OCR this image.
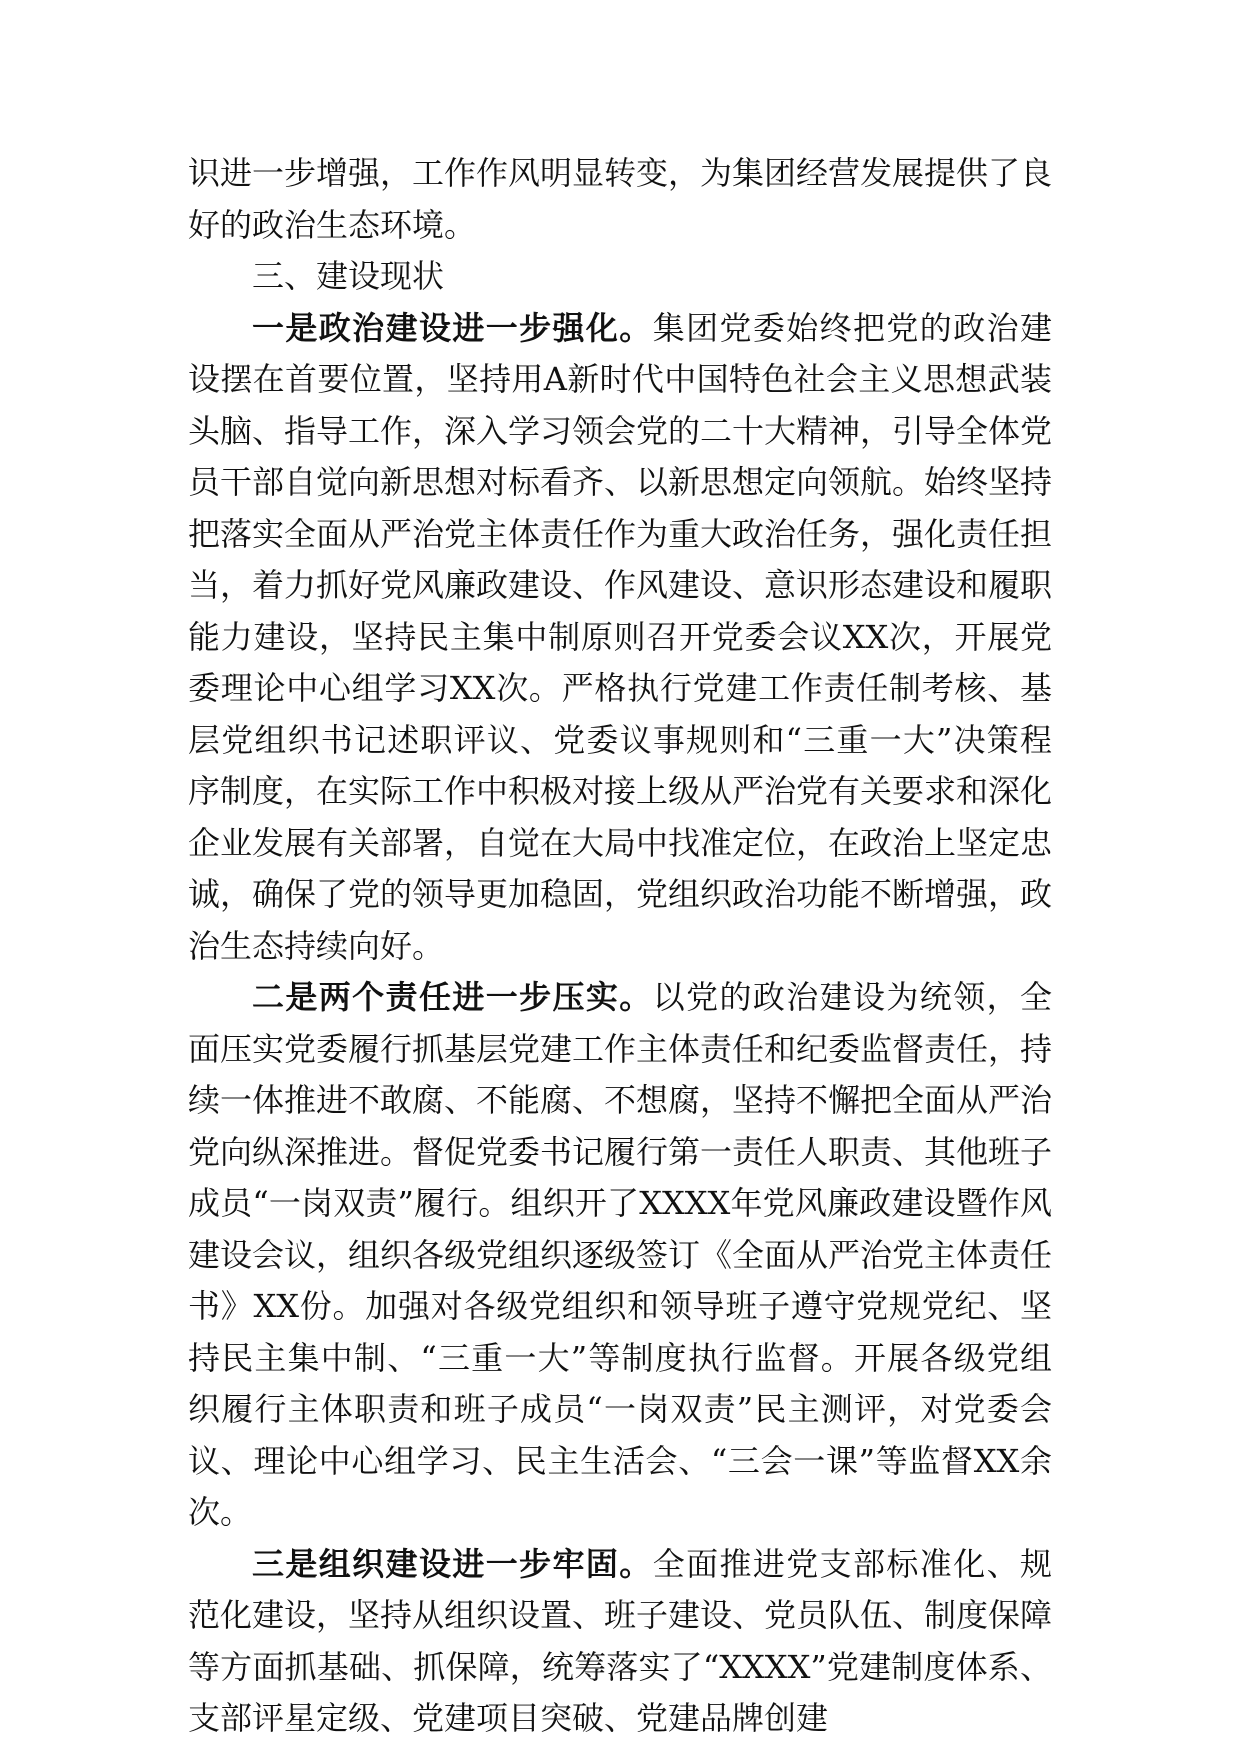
识进一步增强，工作作风明显转变，为集团经营发展提供了良好的政治生态环境。

三、建设现状

一是政治建设进一步强化。集团党委始终把党的政治建设摆在首要位置，坚持用A新时代中国特色社会主义思想武装头脑、指导工作，深入学习领会党的二十大精神，引导全体党员干部自觉向新思想对标看齐、以新思想定向领航。始终坚持把落实全面从严治党主体责任作为重大政治任务，强化责任担当，着力抓好党风廉政建设、作风建设、意识形态建设和履职能力建设，坚持民主集中制原则召开党委会议XX次，开展党委理论中心组学习XX次。严格执行党建工作责任制考核、基层党组织书记述职评议、党委议事规则和“三重一大”决策程序制度，在实际工作中积极对接上级从严治党有关要求和深化企业发展有关部署，自觉在大局中找准定位，在政治上坚定忠诚，确保了党的领导更加稳固，党组织政治功能不断增强，政治生态持续向好。

二是两个责任进一步压实。以党的政治建设为统领，全面压实党委履行抓基层党建工作主体责任和纪委监督责任，持续一体推进不敢腐、不能腐、不想腐，坚持不懈把全面从严治党向纵深推进。督促党委书记履行第一责任人职责、其他班子成员“一岗双责”履行。组织开了XXXX年党风廉政建设暨作风建设会议，组织各级党组织逐级签订《全面从严治党主体责任书》XX份。加强对各级党组织和领导班子遵守党规党纪、坚持民主集中制、“三重一大”等制度执行监督。开展各级党组织履行主体职责和班子成员“一岗双责”民主测评，对党委会议、理论中心组学习、民主生活会、“三会一课”等监督XX余次。

三是组织建设进一步牢固。全面推进党支部标准化、规范化建设，坚持从组织设置、班子建设、党员队伍、制度保障等方面抓基础、抓保障，统筹落实了“XXXX”党建制度体系、支部评星定级、党建项目突破、党建品牌创建
